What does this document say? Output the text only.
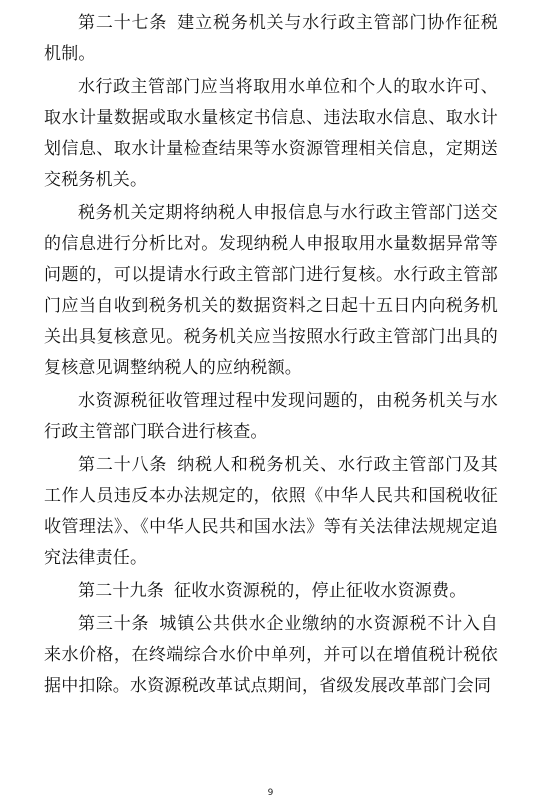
第二十七条 建立税务机关与水行政主管部门协作征税机制。

水行政主管部门应当将取用水单位和个人的取水许可、取水计量数据或取水量核定书信息、违法取水信息、取水计划信息、取水计量检查结果等水资源管理相关信息，定期送交税务机关。

税务机关定期将纳税人申报信息与水行政主管部门送交的信息进行分析比对。发现纳税人申报取用水量数据异常等问题的，可以提请水行政主管部门进行复核。水行政主管部门应当自收到税务机关的数据资料之日起十五日内向税务机关出具复核意见。税务机关应当按照水行政主管部门出具的复核意见调整纳税人的应纳税额。

水资源税征收管理过程中发现问题的，由税务机关与水行政主管部门联合进行核查。

第二十八条 纳税人和税务机关、水行政主管部门及其工作人员违反本办法规定的，依照《中华人民共和国税收征收管理法》、《中华人民共和国水法》等有关法律法规规定追究法律责任。

第二十九条 征收水资源税的，停止征收水资源费。

第三十条 城镇公共供水企业缴纳的水资源税不计入自来水价格，在终端综合水价中单列，并可以在增值税计税依据中扣除。水资源税改革试点期间，省级发展改革部门会同

9
